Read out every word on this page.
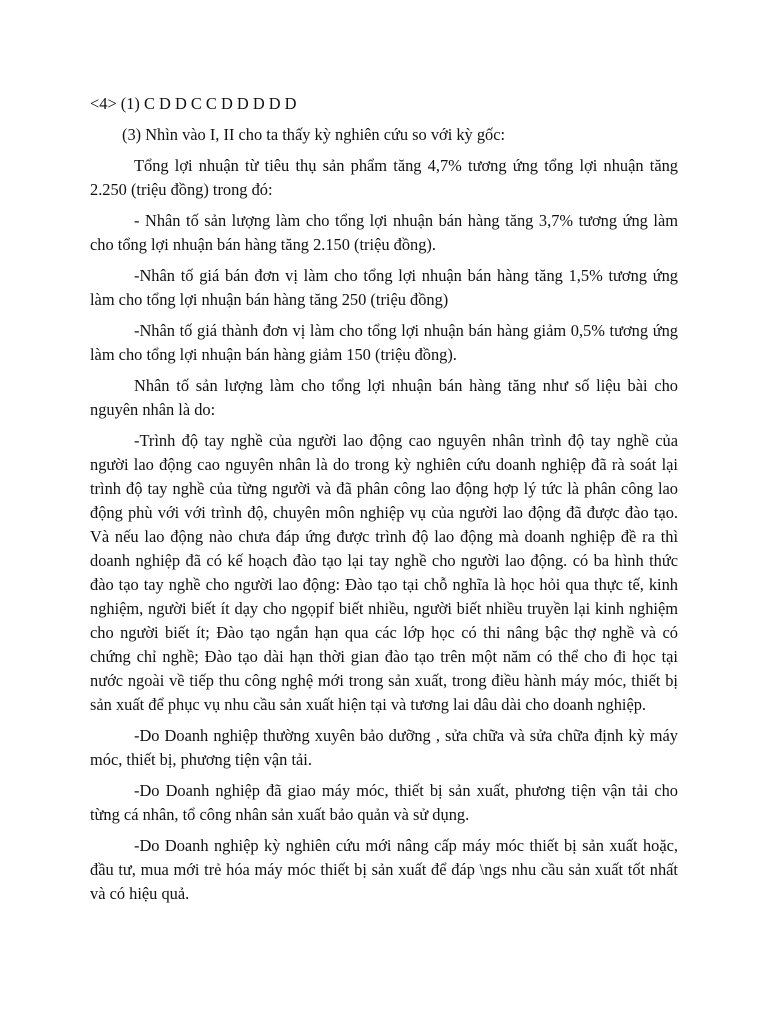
<4> (1) C D D C C D D D D D

(3) Nhìn vào I, II cho ta thấy kỳ nghiên cứu so với kỳ gốc:

Tổng lợi nhuận từ tiêu thụ sản phẩm tăng 4,7% tương ứng tổng lợi nhuận tăng 2.250 (triệu đồng) trong đó:

- Nhân tố sản lượng làm cho tổng lợi nhuận bán hàng tăng 3,7% tương ứng làm cho tổng lợi nhuận bán hàng tăng 2.150 (triệu đồng).

-Nhân tố giá bán đơn vị làm cho tổng lợi nhuận bán hàng tăng 1,5% tương ứng làm cho tổng lợi nhuận bán hàng tăng 250 (triệu đồng)

-Nhân tố giá thành đơn vị làm cho tổng lợi nhuận bán hàng giảm 0,5% tương ứng làm cho tổng lợi nhuận bán hàng giảm 150 (triệu đồng).

Nhân tố sản lượng làm cho tổng lợi nhuận bán hàng tăng như số liệu bài cho nguyên nhân là do:

-Trình độ tay nghề của người lao động cao nguyên nhân trình độ tay nghề của người lao động cao nguyên nhân là do trong kỳ nghiên cứu doanh nghiệp đã rà soát lại trình độ tay nghề của từng người và đã phân công lao động hợp lý tức là phân công lao động phù với với trình độ, chuyên môn nghiệp vụ của người lao động đã được đào tạo. Và nếu lao động nào chưa đáp ứng được trình độ lao động mà doanh nghiệp đề ra thì doanh nghiệp đã có kế hoạch đào tạo lại tay nghề cho người lao động. có ba hình thức đào tạo tay nghề cho người lao động: Đào tạo tại chỗ nghĩa là học hỏi qua thực tế, kinh nghiệm, người biết ít dạy cho ngọpif biết nhiều, người biết nhiều truyền lại kinh nghiệm cho người biết ít; Đào tạo ngắn hạn qua các lớp học có thi nâng bậc thợ nghề và có chứng chỉ nghề; Đào tạo dài hạn thời gian đào tạo trên một năm có thể cho đi học tại nước ngoài về tiếp thu công nghệ mới trong sản xuất, trong điều hành máy móc, thiết bị sản xuất để phục vụ nhu cầu sản xuất hiện tại và tương lai dâu dài cho doanh nghiệp.

-Do Doanh nghiệp thường xuyên bảo dưỡng , sửa chữa và sửa chữa định kỳ máy móc, thiết bị, phương tiện vận tải.

-Do Doanh nghiệp đã giao máy móc, thiết bị sản xuất, phương tiện vận tải cho từng cá nhân, tổ công nhân sản xuất bảo quản và sử dụng.

-Do Doanh nghiệp kỳ nghiên cứu mới nâng cấp máy móc thiết bị sản xuất hoặc, đầu tư, mua mới trẻ hóa máy móc thiết bị sản xuất để đáp \ngs nhu cầu sản xuất tốt nhất và có hiệu quả.
